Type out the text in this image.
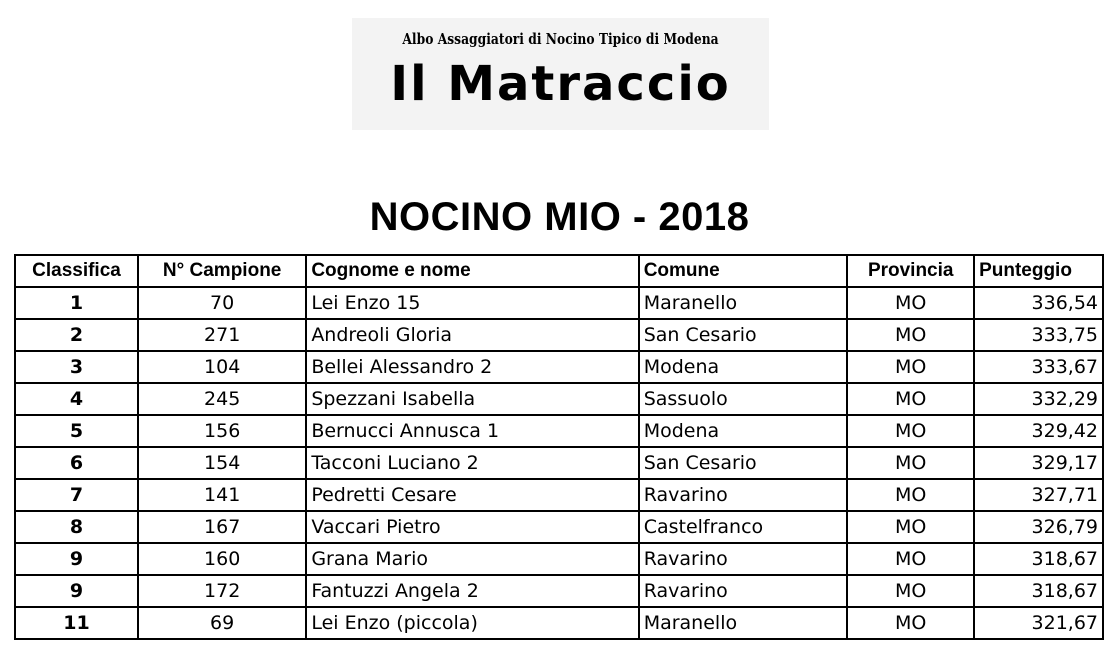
Albo Assaggiatori di Nocino Tipico di Modena
Il Matraccio
NOCINO MIO - 2018
Classifica	N° Campione	Cognome e nome	Comune	Provincia	Punteggio
1	70	Lei Enzo 15	Maranello	MO	336,54
2	271	Andreoli Gloria	San Cesario	MO	333,75
3	104	Bellei Alessandro 2	Modena	MO	333,67
4	245	Spezzani Isabella	Sassuolo	MO	332,29
5	156	Bernucci Annusca 1	Modena	MO	329,42
6	154	Tacconi Luciano 2	San Cesario	MO	329,17
7	141	Pedretti Cesare	Ravarino	MO	327,71
8	167	Vaccari Pietro	Castelfranco	MO	326,79
9	160	Grana Mario	Ravarino	MO	318,67
9	172	Fantuzzi Angela 2	Ravarino	MO	318,67
11	69	Lei Enzo (piccola)	Maranello	MO	321,67
